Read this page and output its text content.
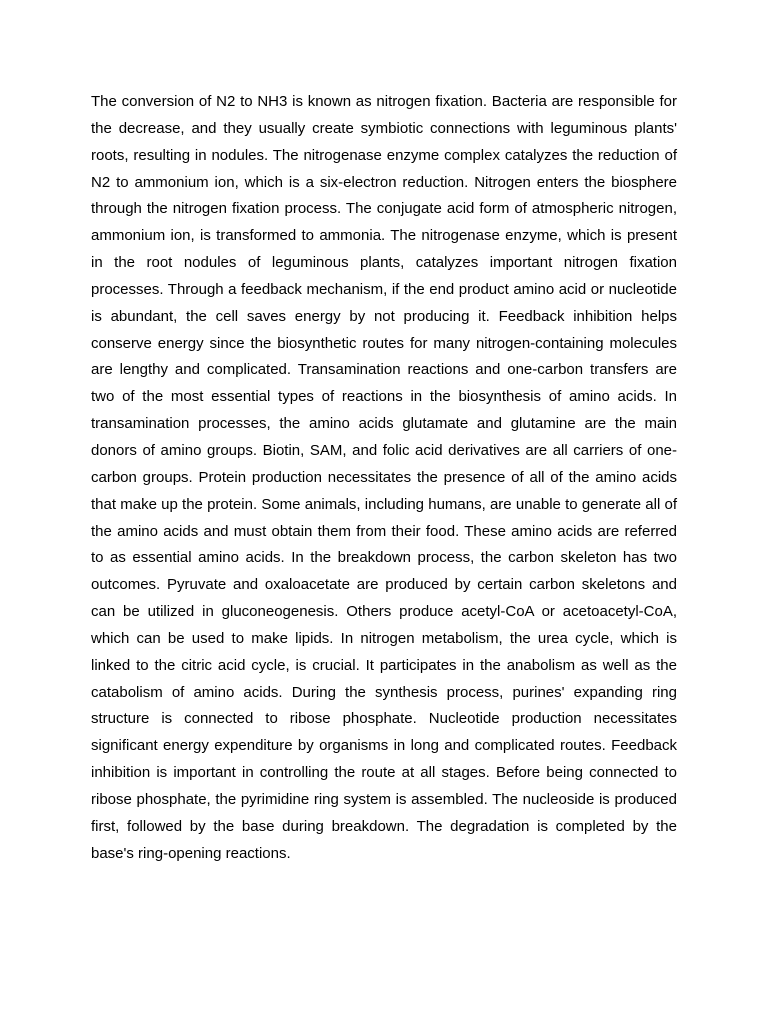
The conversion of N2 to NH3 is known as nitrogen fixation. Bacteria are responsible for the decrease, and they usually create symbiotic connections with leguminous plants' roots, resulting in nodules. The nitrogenase enzyme complex catalyzes the reduction of N2 to ammonium ion, which is a six-electron reduction. Nitrogen enters the biosphere through the nitrogen fixation process. The conjugate acid form of atmospheric nitrogen, ammonium ion, is transformed to ammonia. The nitrogenase enzyme, which is present in the root nodules of leguminous plants, catalyzes important nitrogen fixation processes. Through a feedback mechanism, if the end product amino acid or nucleotide is abundant, the cell saves energy by not producing it. Feedback inhibition helps conserve energy since the biosynthetic routes for many nitrogen-containing molecules are lengthy and complicated. Transamination reactions and one-carbon transfers are two of the most essential types of reactions in the biosynthesis of amino acids. In transamination processes, the amino acids glutamate and glutamine are the main donors of amino groups. Biotin, SAM, and folic acid derivatives are all carriers of one-carbon groups. Protein production necessitates the presence of all of the amino acids that make up the protein. Some animals, including humans, are unable to generate all of the amino acids and must obtain them from their food. These amino acids are referred to as essential amino acids. In the breakdown process, the carbon skeleton has two outcomes. Pyruvate and oxaloacetate are produced by certain carbon skeletons and can be utilized in gluconeogenesis. Others produce acetyl-CoA or acetoacetyl-CoA, which can be used to make lipids. In nitrogen metabolism, the urea cycle, which is linked to the citric acid cycle, is crucial. It participates in the anabolism as well as the catabolism of amino acids. During the synthesis process, purines' expanding ring structure is connected to ribose phosphate. Nucleotide production necessitates significant energy expenditure by organisms in long and complicated routes. Feedback inhibition is important in controlling the route at all stages. Before being connected to ribose phosphate, the pyrimidine ring system is assembled. The nucleoside is produced first, followed by the base during breakdown. The degradation is completed by the base's ring-opening reactions.
